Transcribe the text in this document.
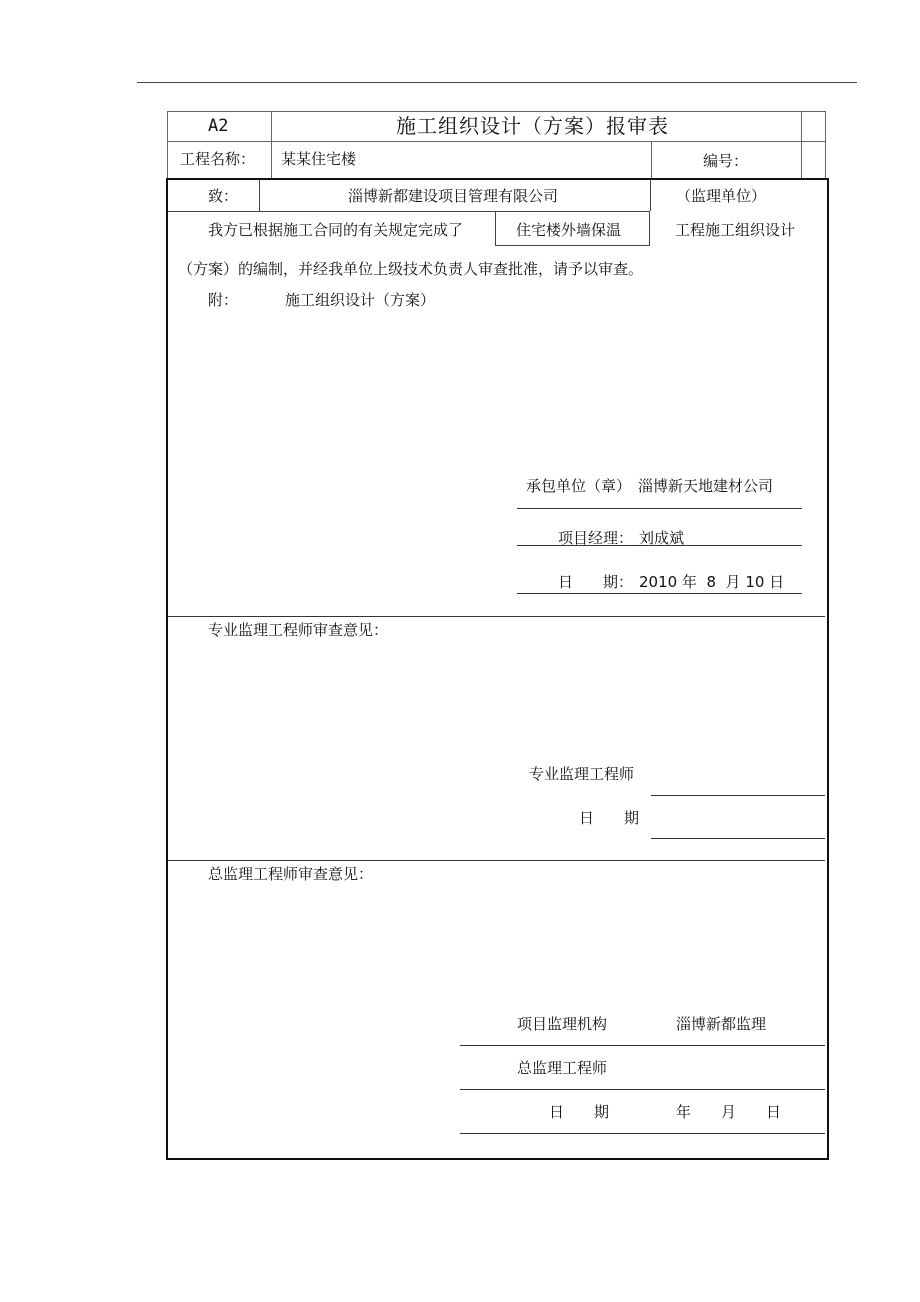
A2	施工组织设计（方案）报审表
工程名称： 某某住宅楼	编号：
致：	淄博新都建设项目管理有限公司	（监理单位）
我方已根据施工合同的有关规定完成了	住宅楼外墙保温	工程施工组织设计
（方案）的编制，并经我单位上级技术负责人审查批准，请予以审查。
附：	施工组织设计（方案）
承包单位（章） 淄博新天地建材公司
项目经理： 刘成斌
日　　期： 2010 年  8  月 10 日
专业监理工程师审查意见：
专业监理工程师
日　　期
总监理工程师审查意见：
项目监理机构	淄博新都监理
总监理工程师
日　　期	年　　月　　日
